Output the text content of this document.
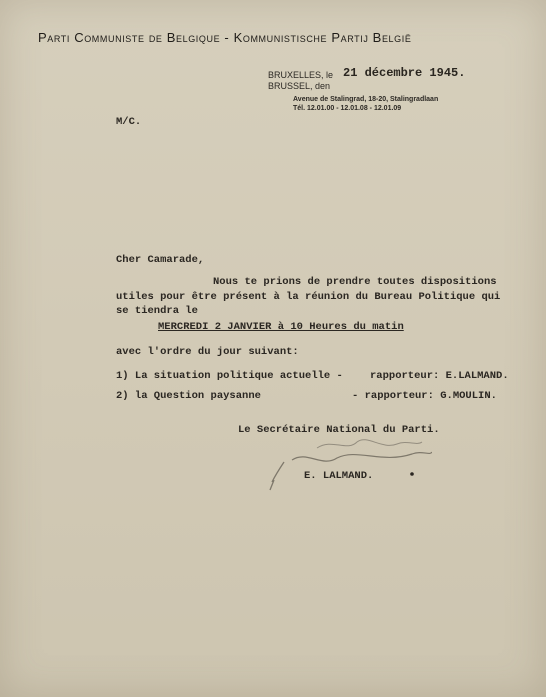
Parti Communiste de Belgique - Kommunistische Partij België
BRUXELLES, le
BRUSSEL, den
21 décembre 1945.
Avenue de Stalingrad, 18-20, Stalingradlaan
Tél. 12.01.00 - 12.01.08 - 12.01.09
M/C.
Cher Camarade,
Nous te prions de prendre toutes dispositions
utiles pour être présent à la réunion du Bureau Politique qui
se tiendra le
MERCREDI 2 JANVIER à 10 Heures du matin
avec l'ordre du jour suivant:
1) La situation politique actuelle -	rapporteur: E.LALMAND.
2) la Question paysanne	- rapporteur: G.MOULIN.
Le Secrétaire National du Parti.
E. LALMAND.
